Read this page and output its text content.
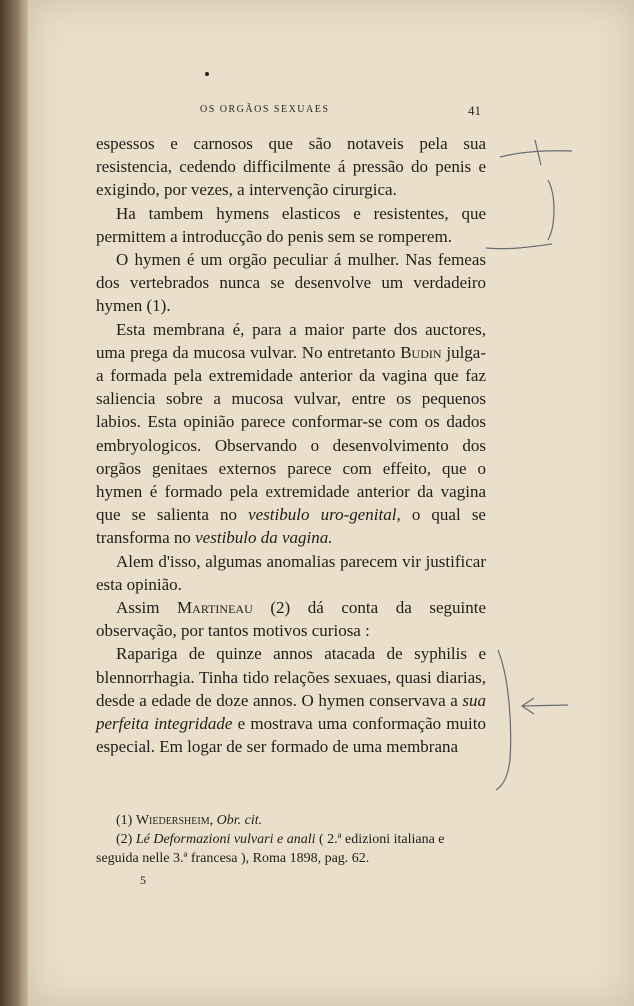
OS ORGÃOS SEXUAES	41

espessos e carnosos que são notaveis pela sua resistencia, cedendo difficilmente á pressão do penis e exigindo, por vezes, a intervenção cirurgica.

Ha tambem hymens elasticos e resistentes, que permittem a introducção do penis sem se romperem.

O hymen é um orgão peculiar á mulher. Nas femeas dos vertebrados nunca se desenvolve um verdadeiro hymen (1).

Esta membrana é, para a maior parte dos auctores, uma prega da mucosa vulvar. No entretanto Budin julga-a formada pela extremidade anterior da vagina que faz saliencia sobre a mucosa vulvar, entre os pequenos labios. Esta opinião parece conformar-se com os dados embryologicos. Observando o desenvolvimento dos orgãos genitaes externos parece com effeito, que o hymen é formado pela extremidade anterior da vagina que se salienta no vestibulo uro-genital, o qual se transforma no vestibulo da vagina.

Alem d'isso, algumas anomalias parecem vir justificar esta opinião.

Assim Martineau (2) dá conta da seguinte observação, por tantos motivos curiosa :

Rapariga de quinze annos atacada de syphilis e blennorrhagia. Tinha tido relações sexuaes, quasi diarias, desde a edade de doze annos. O hymen conservava a sua perfeita integridade e mostrava uma conformação muito especial. Em logar de ser formado de uma membrana

(1) Wiedersheim, Obr. cit.

(2) Lé Deformazioni vulvari e anali ( 2.ª edizioni italiana e seguida nelle 3.ª francesa ), Roma 1898, pag. 62.

5
